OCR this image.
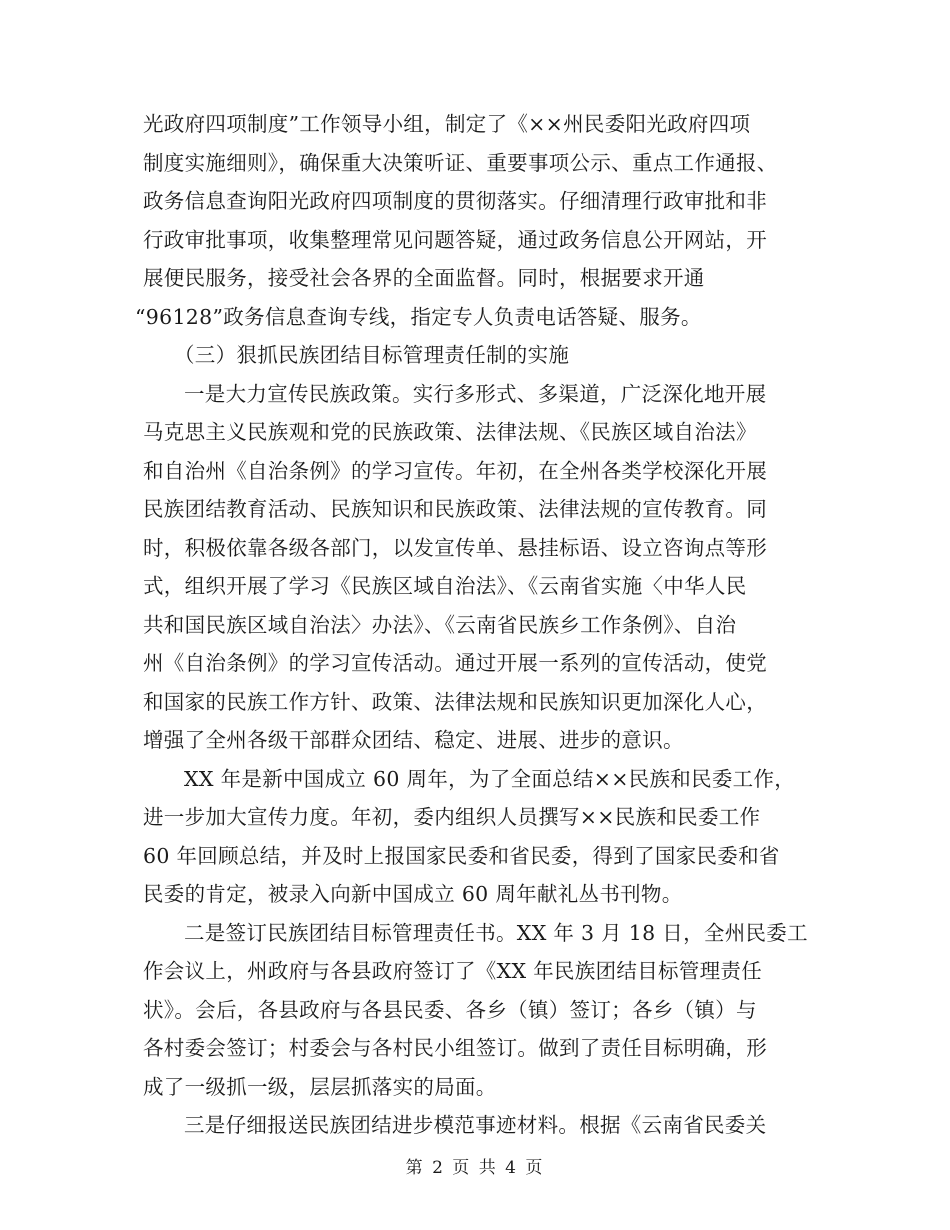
光政府四项制度”工作领导小组，制定了《××州民委阳光政府四项
制度实施细则》，确保重大决策听证、重要事项公示、重点工作通报、
政务信息查询阳光政府四项制度的贯彻落实。仔细清理行政审批和非
行政审批事项，收集整理常见问题答疑，通过政务信息公开网站，开
展便民服务，接受社会各界的全面监督。同时，根据要求开通
“96128”政务信息查询专线，指定专人负责电话答疑、服务。
（三）狠抓民族团结目标管理责任制的实施
一是大力宣传民族政策。实行多形式、多渠道，广泛深化地开展
马克思主义民族观和党的民族政策、法律法规、《民族区域自治法》
和自治州《自治条例》的学习宣传。年初，在全州各类学校深化开展
民族团结教育活动、民族知识和民族政策、法律法规的宣传教育。同
时，积极依靠各级各部门，以发宣传单、悬挂标语、设立咨询点等形
式，组织开展了学习《民族区域自治法》、《云南省实施〈中华人民
共和国民族区域自治法〉办法》、《云南省民族乡工作条例》、自治
州《自治条例》的学习宣传活动。通过开展一系列的宣传活动，使党
和国家的民族工作方针、政策、法律法规和民族知识更加深化人心，
增强了全州各级干部群众团结、稳定、进展、进步的意识。
XX 年是新中国成立 60 周年，为了全面总结××民族和民委工作，
进一步加大宣传力度。年初，委内组织人员撰写××民族和民委工作
60 年回顾总结，并及时上报国家民委和省民委，得到了国家民委和省
民委的肯定，被录入向新中国成立 60 周年献礼丛书刊物。
二是签订民族团结目标管理责任书。XX 年 3 月 18 日，全州民委工
作会议上，州政府与各县政府签订了《XX 年民族团结目标管理责任
状》。会后，各县政府与各县民委、各乡（镇）签订；各乡（镇）与
各村委会签订；村委会与各村民小组签订。做到了责任目标明确，形
成了一级抓一级，层层抓落实的局面。
三是仔细报送民族团结进步模范事迹材料。根据《云南省民委关
第 2 页 共 4 页
